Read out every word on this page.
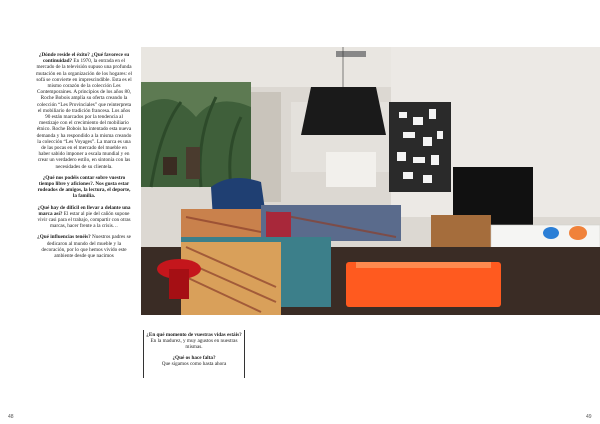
¿Dónde reside el éxito? ¿Qué favorece su continuidad? En 1970, la entrada en el mercado de la televisión supuso una profunda mutación en la organización de los hogares: el sofá se convierte en imprescindible. Esta es el mismo corazón de la colección Les Contemporaines. A principios de los años 80, Roche Bobois amplía su oferta creando la colección “Les Provinciales” que reinterpreta el mobiliario de tradición francesa. Los años 90 están marcados por la tendencia al mestizaje con el crecimiento del mobiliario étnico. Roche Bobois ha intentado esta nueva demanda y ha respondido a la misma creando la colección “Les Voyages”. La marca es una de las pocas en el mercado del mueble en haber sabido imponer a escala mundial y en crear un verdadero estilo, en sintonía con las necesidades de su clientela.

¿Qué nos podéis contar sobre vuestro tiempo libre y aficiones?. Nos gusta estar rodeados de amigos, la lectura, el deporte, la familia.

¿Qué hay de difícil en llevar a delante una marca así? El estar al pie del cañón supone vivir casi para el trabajo, compartir con otras marcas, hacer frente a la crisis…

¿Qué influencias tenéis? Nuestros padres se dedicaron al mundo del mueble y la decoración, por lo que hemos vivido este ambiente desde que nacimos

¿En qué momento de vuestras vidas estáis?
En la madurez, y muy agustos en nuestras mismas.

¿Qué os hace falta?
Que sigamos como hasta ahora

48	49
